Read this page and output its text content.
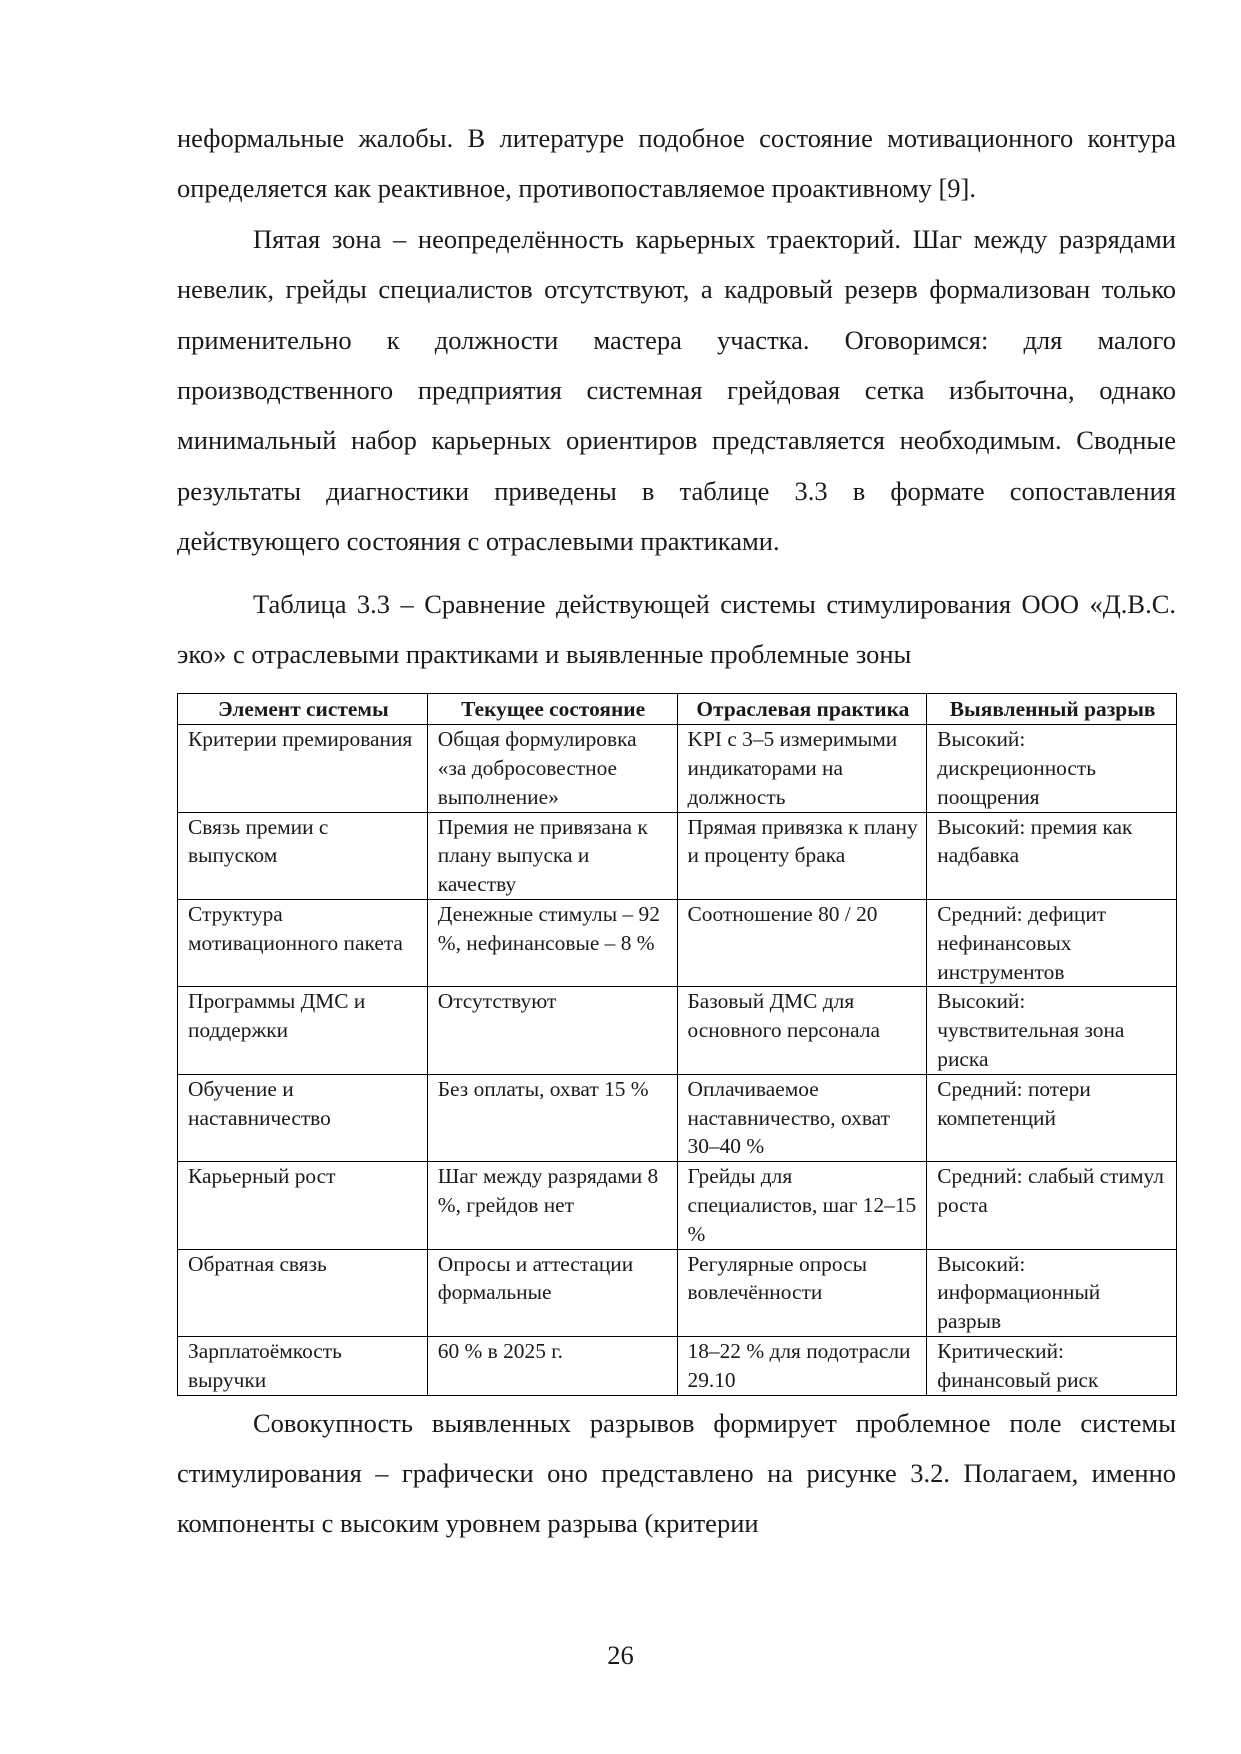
неформальные жалобы. В литературе подобное состояние мотивационного контура определяется как реактивное, противопоставляемое проактивному [9].

Пятая зона – неопределённость карьерных траекторий. Шаг между разрядами невелик, грейды специалистов отсутствуют, а кадровый резерв формализован только применительно к должности мастера участка. Оговоримся: для малого производственного предприятия системная грейдовая сетка избыточна, однако минимальный набор карьерных ориентиров представляется необходимым. Сводные результаты диагностики приведены в таблице 3.3 в формате сопоставления действующего состояния с отраслевыми практиками.

Таблица 3.3 – Сравнение действующей системы стимулирования ООО «Д.В.С. эко» с отраслевыми практиками и выявленные проблемные зоны

Элемент системы	Текущее состояние	Отраслевая практика	Выявленный разрыв
Критерии премирования	Общая формулировка «за добросовестное выполнение»	KPI с 3–5 измеримыми индикаторами на должность	Высокий: дискреционность поощрения
Связь премии с выпуском	Премия не привязана к плану выпуска и качеству	Прямая привязка к плану и проценту брака	Высокий: премия как надбавка
Структура мотивационного пакета	Денежные стимулы – 92 %, нефинансовые – 8 %	Соотношение 80 / 20	Средний: дефицит нефинансовых инструментов
Программы ДМС и поддержки	Отсутствуют	Базовый ДМС для основного персонала	Высокий: чувствительная зона риска
Обучение и наставничество	Без оплаты, охват 15 %	Оплачиваемое наставничество, охват 30–40 %	Средний: потери компетенций
Карьерный рост	Шаг между разрядами 8 %, грейдов нет	Грейды для специалистов, шаг 12–15 %	Средний: слабый стимул роста
Обратная связь	Опросы и аттестации формальные	Регулярные опросы вовлечённости	Высокий: информационный разрыв
Зарплатоёмкость выручки	60 % в 2025 г.	18–22 % для подотрасли 29.10	Критический: финансовый риск

Совокупность выявленных разрывов формирует проблемное поле системы стимулирования – графически оно представлено на рисунке 3.2. Полагаем, именно компоненты с высоким уровнем разрыва (критерии

26
